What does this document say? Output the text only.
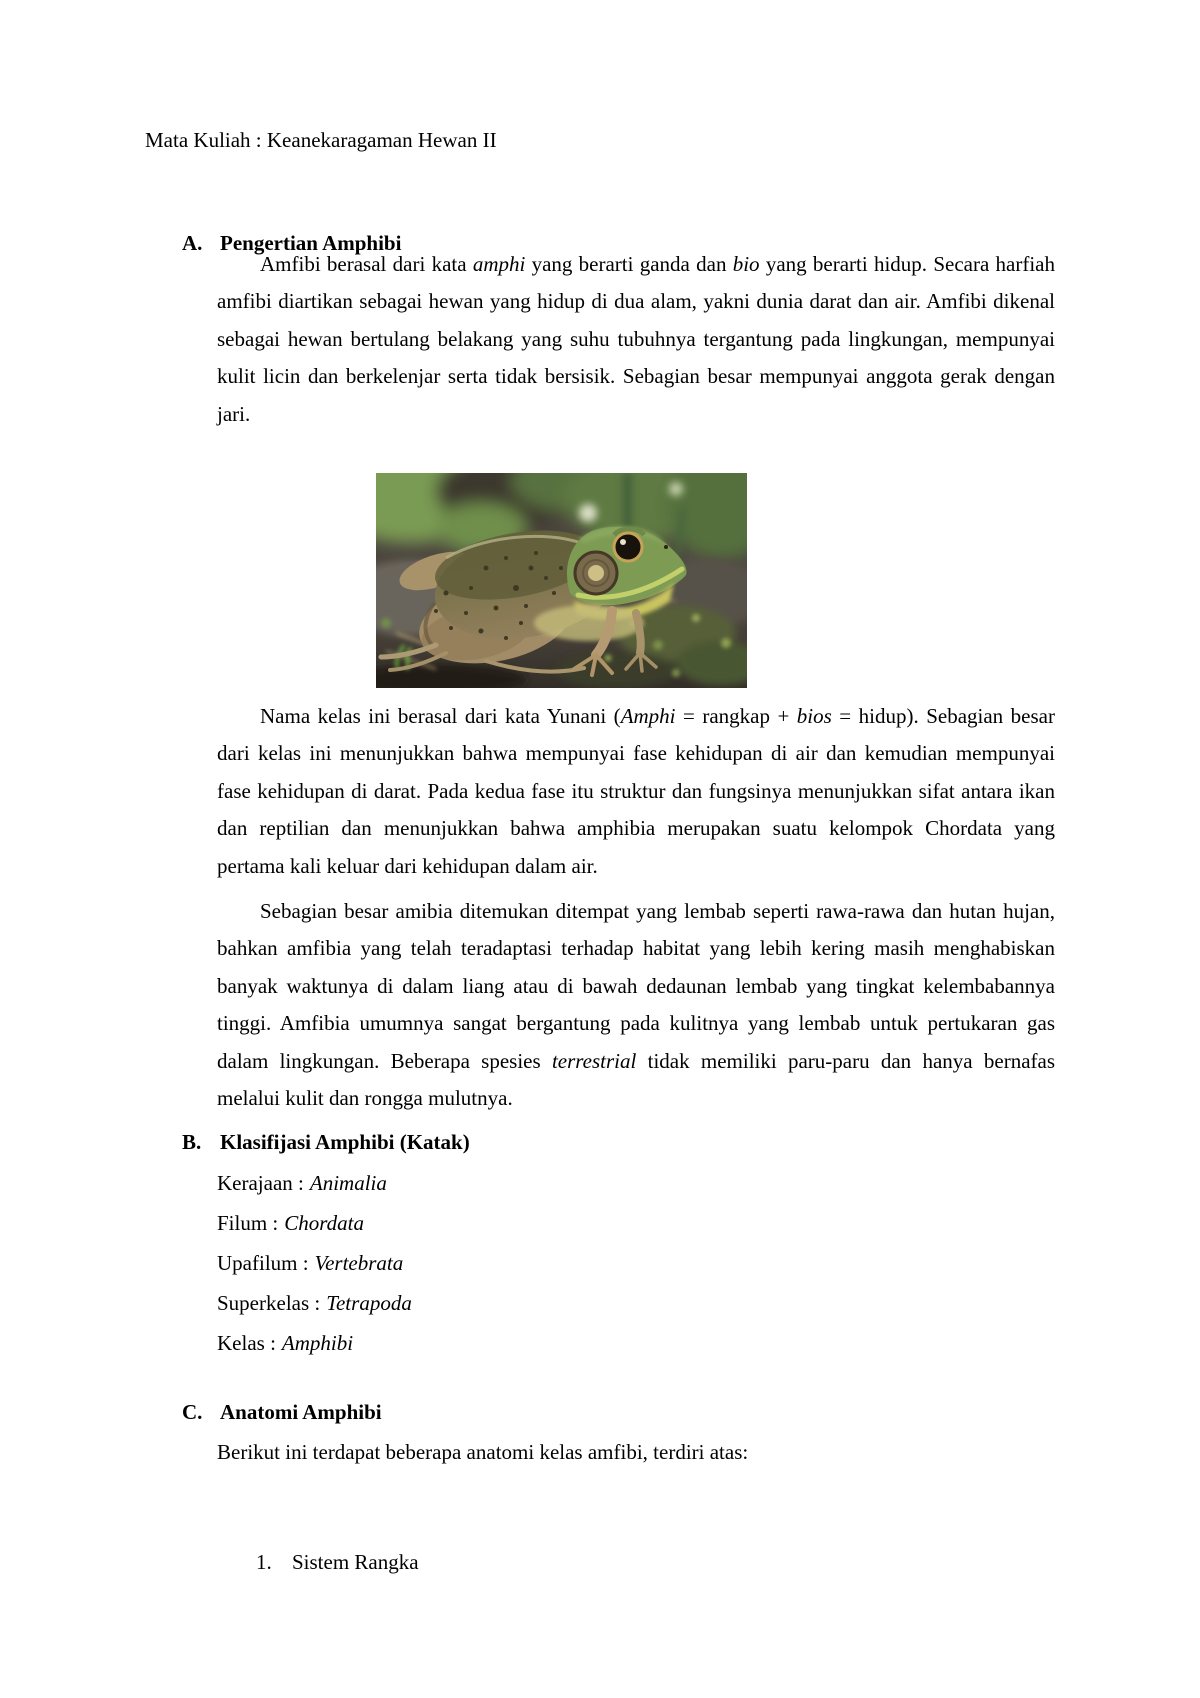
Mata Kuliah : Keanekaragaman Hewan II
A. Pengertian Amphibi

Amfibi berasal dari kata amphi yang berarti ganda dan bio yang berarti hidup. Secara harfiah amfibi diartikan sebagai hewan yang hidup di dua alam, yakni dunia darat dan air. Amfibi dikenal sebagai hewan bertulang belakang yang suhu tubuhnya tergantung pada lingkungan, mempunyai kulit licin dan berkelenjar serta tidak bersisik. Sebagian besar mempunyai anggota gerak dengan jari.

Nama kelas ini berasal dari kata Yunani (Amphi = rangkap + bios = hidup). Sebagian besar dari kelas ini menunjukkan bahwa mempunyai fase kehidupan di air dan kemudian mempunyai fase kehidupan di darat. Pada kedua fase itu struktur dan fungsinya menunjukkan sifat antara ikan dan reptilian dan menunjukkan bahwa amphibia merupakan suatu kelompok Chordata yang pertama kali keluar dari kehidupan dalam air.

Sebagian besar amibia ditemukan ditempat yang lembab seperti rawa-rawa dan hutan hujan, bahkan amfibia yang telah teradaptasi terhadap habitat yang lebih kering masih menghabiskan banyak waktunya di dalam liang atau di bawah dedaunan lembab yang tingkat kelembabannya tinggi. Amfibia umumnya sangat bergantung pada kulitnya yang lembab untuk pertukaran gas dalam lingkungan. Beberapa spesies terrestrial tidak memiliki paru-paru dan hanya bernafas melalui kulit dan rongga mulutnya.

B. Klasifijasi Amphibi (Katak)
Kerajaan : Animalia
Filum : Chordata
Upafilum : Vertebrata
Superkelas : Tetrapoda
Kelas : Amphibi
C. Anatomi Amphibi

Berikut ini terdapat beberapa anatomi kelas amfibi, terdiri atas:

1. Sistem Rangka
